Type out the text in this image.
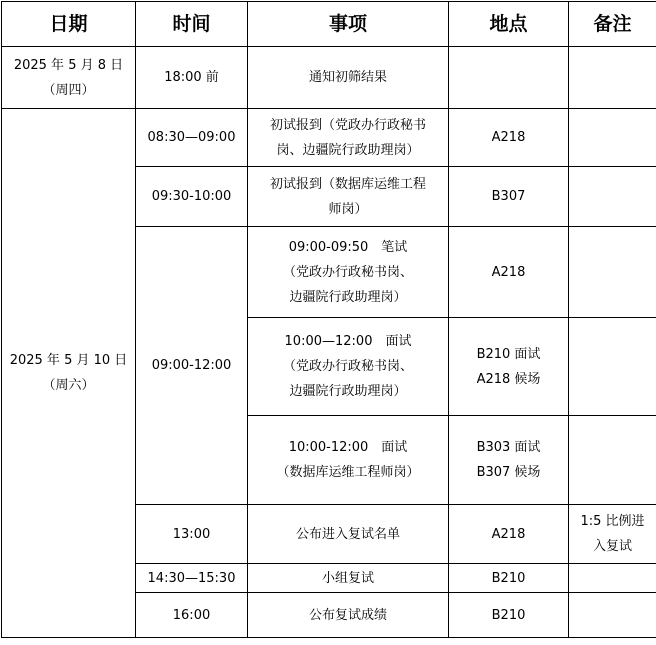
日期	时间	事项	地点	备注

2025 年 5 月 8 日
（周四）	18:00 前	通知初筛结果		

2025 年 5 月 10 日
（周六）	08:30—09:00	初试报到（党政办行政秘书
岗、边疆院行政助理岗）	A218	

	09:30-10:00	初试报到（数据库运维工程
师岗）	B307	

	09:00-12:00	09:00-09:50　笔试
（党政办行政秘书岗、
边疆院行政助理岗）	A218	

		10:00—12:00　面试
（党政办行政秘书岗、
边疆院行政助理岗）	B210 面试
A218 候场	

		10:00-12:00　面试
（数据库运维工程师岗）	B303 面试
B307 候场	

	13:00	公布进入复试名单	A218	1:5 比例进
入复试

	14:30—15:30	小组复试	B210	

	16:00	公布复试成绩	B210	
